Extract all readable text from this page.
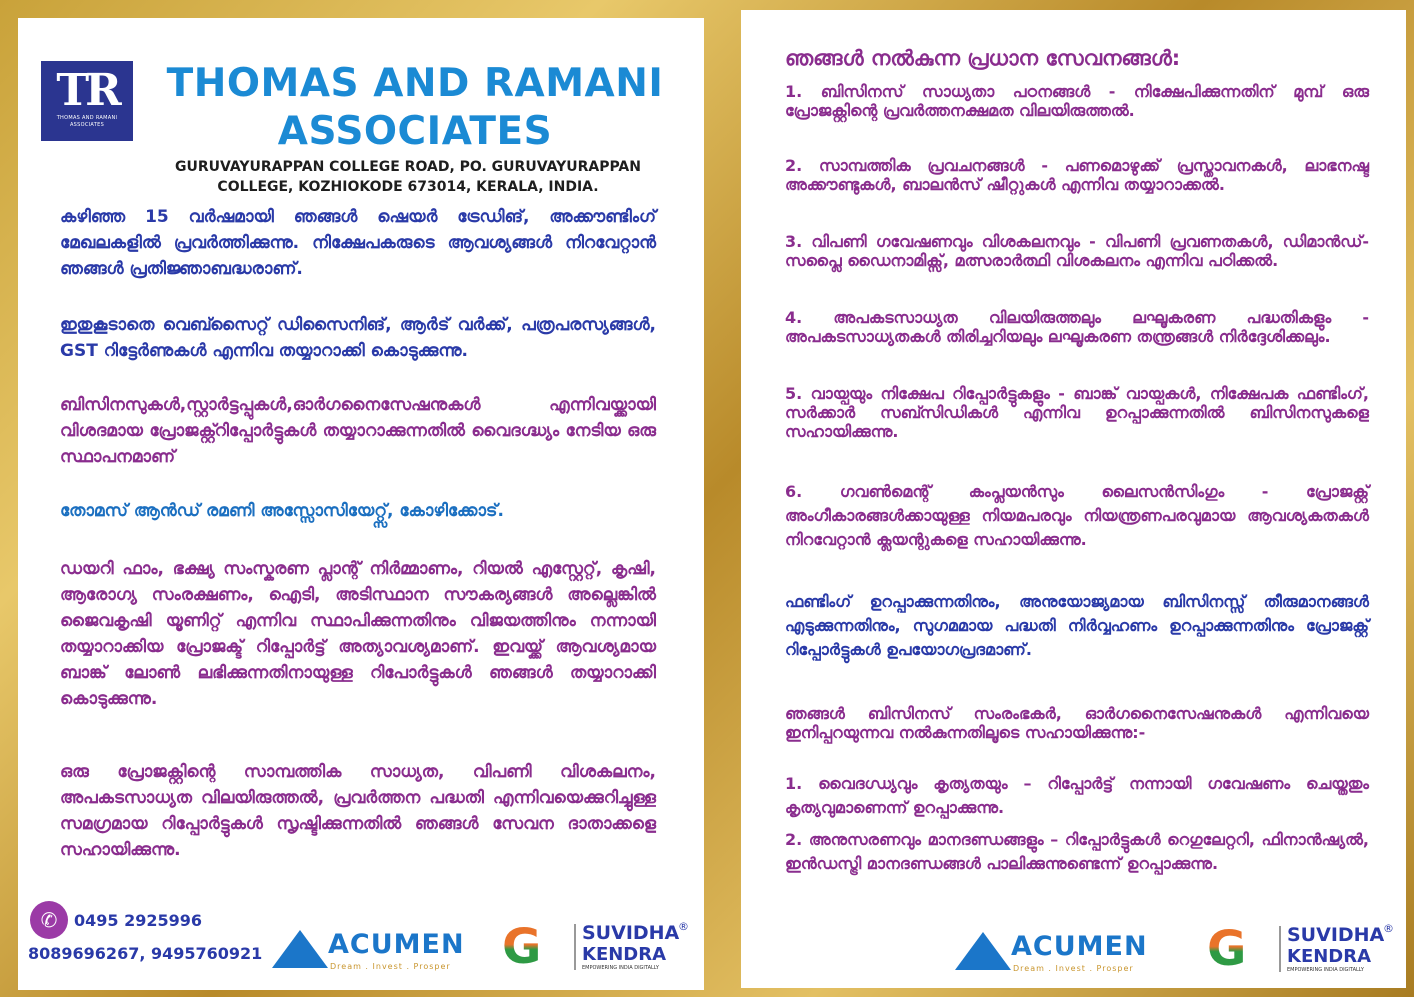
TR
THOMAS AND RAMANI ASSOCIATES
THOMAS AND RAMANI
ASSOCIATES
GURUVAYURAPPAN COLLEGE ROAD, PO. GURUVAYURAPPAN
COLLEGE, KOZHIOKODE 673014, KERALA, INDIA.

കഴിഞ്ഞ 15 വർഷമായി ഞങ്ങൾ ഷെയർ ട്രേഡിങ്, അക്കൗണ്ടിംഗ് മേഖലകളിൽ പ്രവർത്തിക്കുന്നു. നിക്ഷേപകരുടെ ആവശ്യങ്ങൾ നിറവേറ്റാൻ ഞങ്ങൾ പ്രതിജ്ഞാബദ്ധരാണ്.

ഇതുകൂടാതെ വെബ്സൈറ്റ് ഡിസൈനിങ്, ആർട് വർക്ക്, പത്രപരസ്യങ്ങൾ, GST റിട്ടേർണുകൾ എന്നിവ തയ്യാറാക്കി കൊടുക്കുന്നു.

ബിസിനസുകൾ,സ്റ്റാർട്ടപ്പുകൾ,ഓർഗനൈസേഷനുകൾ എന്നിവയ്ക്കായി വിശദമായ പ്രോജക്റ്റ്റിപ്പോർട്ടുകൾ തയ്യാറാക്കുന്നതിൽ വൈദഗ്ദ്ധ്യം നേടിയ ഒരു സ്ഥാപനമാണ്

തോമസ് ആൻഡ് രമണി അസ്സോസിയേറ്റ്സ്, കോഴിക്കോട്.

ഡയറി ഫാം, ഭക്ഷ്യ സംസ്കരണ പ്ലാന്റ് നിർമ്മാണം, റിയൽ എസ്റ്റേറ്റ്, കൃഷി, ആരോഗ്യ സംരക്ഷണം, ഐടി, അടിസ്ഥാന സൗകര്യങ്ങൾ അല്ലെങ്കിൽ ജൈവകൃഷി യൂണിറ്റ് എന്നിവ സ്ഥാപിക്കുന്നതിനും വിജയത്തിനും നന്നായി തയ്യാറാക്കിയ പ്രോജക്ട് റിപ്പോർട്ട് അത്യാവശ്യമാണ്. ഇവയ്ക്ക് ആവശ്യമായ ബാങ്ക് ലോൺ ലഭിക്കുന്നതിനായുള്ള റിപോർട്ടുകൾ ഞങ്ങൾ തയ്യാറാക്കി കൊടുക്കുന്നു.

ഒരു പ്രോജക്റ്റിന്റെ സാമ്പത്തിക സാധ്യത, വിപണി വിശകലനം, അപകടസാധ്യത വിലയിരുത്തൽ, പ്രവർത്തന പദ്ധതി എന്നിവയെക്കുറിച്ചുള്ള സമഗ്രമായ റിപ്പോർട്ടുകൾ സൃഷ്ടിക്കുന്നതിൽ ഞങ്ങൾ സേവന ദാതാക്കളെ സഹായിക്കുന്നു.

✆	0495 2925996
8089696267, 9495760921 ACUMEN
Dream . Invest . Prosper G	SUVIDHA
KENDRA
EMPOWERING INDIA DIGITALLY
®
ഞങ്ങൾ നൽകുന്ന പ്രധാന സേവനങ്ങൾ:

1. ബിസിനസ് സാധ്യതാ പഠനങ്ങൾ - നിക്ഷേപിക്കുന്നതിന് മുമ്പ് ഒരു പ്രോജക്റ്റിന്റെ പ്രവർത്തനക്ഷമത വിലയിരുത്തൽ.

2. സാമ്പത്തിക പ്രവചനങ്ങൾ - പണമൊഴുക്ക് പ്രസ്താവനകൾ, ലാഭനഷ്ട അക്കൗണ്ടുകൾ, ബാലൻസ് ഷീറ്റുകൾ എന്നിവ തയ്യാറാക്കൽ.

3. വിപണി ഗവേഷണവും വിശകലനവും - വിപണി പ്രവണതകൾ, ഡിമാൻഡ്-സപ്ലൈ ഡൈനാമിക്സ്, മത്സരാർത്ഥി വിശകലനം എന്നിവ പഠിക്കൽ.

4. അപകടസാധ്യത വിലയിരുത്തലും ലഘൂകരണ പദ്ധതികളും - അപകടസാധ്യതകൾ തിരിച്ചറിയലും ലഘൂകരണ തന്ത്രങ്ങൾ നിർദ്ദേശിക്കലും.

5. വായ്പയും നിക്ഷേപ റിപ്പോർട്ടുകളും - ബാങ്ക് വായ്പകൾ, നിക്ഷേപക ഫണ്ടിംഗ്, സർക്കാർ സബ്സിഡികൾ എന്നിവ ഉറപ്പാക്കുന്നതിൽ ബിസിനസുകളെ സഹായിക്കുന്നു.

6. ഗവൺമെന്റ് കംപ്ലയൻസും ലൈസൻസിംഗും - പ്രോജക്റ്റ് അംഗീകാരങ്ങൾക്കായുള്ള നിയമപരവും നിയന്ത്രണപരവുമായ ആവശ്യകതകൾ നിറവേറ്റാൻ ക്ലയന്റുകളെ സഹായിക്കുന്നു.

ഫണ്ടിംഗ് ഉറപ്പാക്കുന്നതിനും, അനുയോജ്യമായ ബിസിനസ്സ് തീരുമാനങ്ങൾ എടുക്കുന്നതിനും, സുഗമമായ പദ്ധതി നിർവ്വഹണം ഉറപ്പാക്കുന്നതിനും പ്രോജക്റ്റ് റിപ്പോർട്ടുകൾ ഉപയോഗപ്രദമാണ്.

ഞങ്ങൾ ബിസിനസ് സംരംഭകർ, ഓർഗനൈസേഷനുകൾ എന്നിവയെ ഇനിപ്പറയുന്നവ നൽകുന്നതിലൂടെ സഹായിക്കുന്നു:-

1. വൈദഗ്ധ്യവും കൃത്യതയും – റിപ്പോർട്ട് നന്നായി ഗവേഷണം ചെയ്തതും കൃത്യവുമാണെന്ന് ഉറപ്പാക്കുന്നു.

2. അനുസരണവും മാനദണ്ഡങ്ങളും – റിപ്പോർട്ടുകൾ റെഗുലേറ്ററി, ഫിനാൻഷ്യൽ, ഇൻഡസ്ട്രി മാനദണ്ഡങ്ങൾ പാലിക്കുന്നുണ്ടെന്ന് ഉറപ്പാക്കുന്നു.

ACUMEN
Dream . Invest . Prosper G	SUVIDHA
KENDRA
EMPOWERING INDIA DIGITALLY
®
